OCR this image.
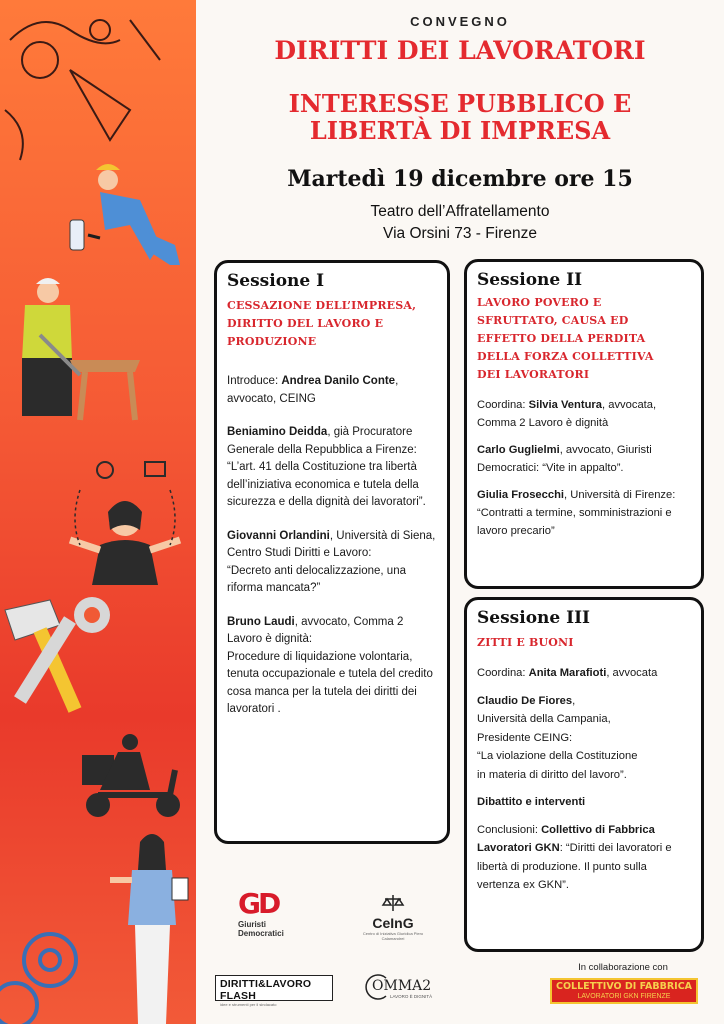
CONVEGNO
DIRITTI DEI LAVORATORI
INTERESSE PUBBLICO E
LIBERTÀ DI IMPRESA
Martedì 19 dicembre ore 15
Teatro dell’Affratellamento
Via Orsini 73 - Firenze
Sessione I
CESSAZIONE DELL’IMPRESA,
DIRITTO DEL LAVORO E
PRODUZIONE
Introduce: Andrea Danilo Conte, avvocato, CEING
Beniamino Deidda, già Procuratore Generale della Repubblica a Firenze:
“L’art. 41 della Costituzione tra libertà dell’iniziativa economica e tutela della sicurezza e della dignità dei lavoratori”.
Giovanni Orlandini, Università di Siena, Centro Studi Diritti e Lavoro:
“Decreto anti delocalizzazione, una riforma mancata?”
Bruno Laudi, avvocato, Comma 2 Lavoro è dignità:
Procedure di liquidazione volontaria, tenuta occupazionale e tutela del credito cosa manca per la tutela dei diritti dei lavoratori .
Sessione II
LAVORO POVERO E
SFRUTTATO, CAUSA ED
EFFETTO DELLA PERDITA
DELLA FORZA COLLETTIVA
DEI LAVORATORI
Coordina: Silvia Ventura, avvocata, Comma 2 Lavoro è dignità
Carlo Guglielmi, avvocato, Giuristi Democratici: “Vite in appalto”.
Giulia Frosecchi, Università di Firenze: “Contratti a termine, somministrazioni e lavoro precario”
Sessione III
ZITTI E BUONI
Coordina: Anita Marafioti, avvocata
Claudio De Fiores,
Università della Campania,
Presidente CEING:
“La violazione della Costituzione
in materia di diritto del lavoro”.
Dibattito e interventi
Conclusioni: Collettivo di Fabbrica Lavoratori GKN: “Diritti dei lavoratori e libertà di produzione. Il punto sulla vertenza ex GKN”.
GD
Giuristi
Democratici
CeInG
Centro di Iniziativa Giuridica Piero Calamandrei
DIRITTI&LAVORO FLASH
idee e strumenti per il sindacato
OMMA2
LAVORO È DIGNITÀ
In collaborazione con
COLLETTIVO DI FABBRICA
LAVORATORI GKN FIRENZE
